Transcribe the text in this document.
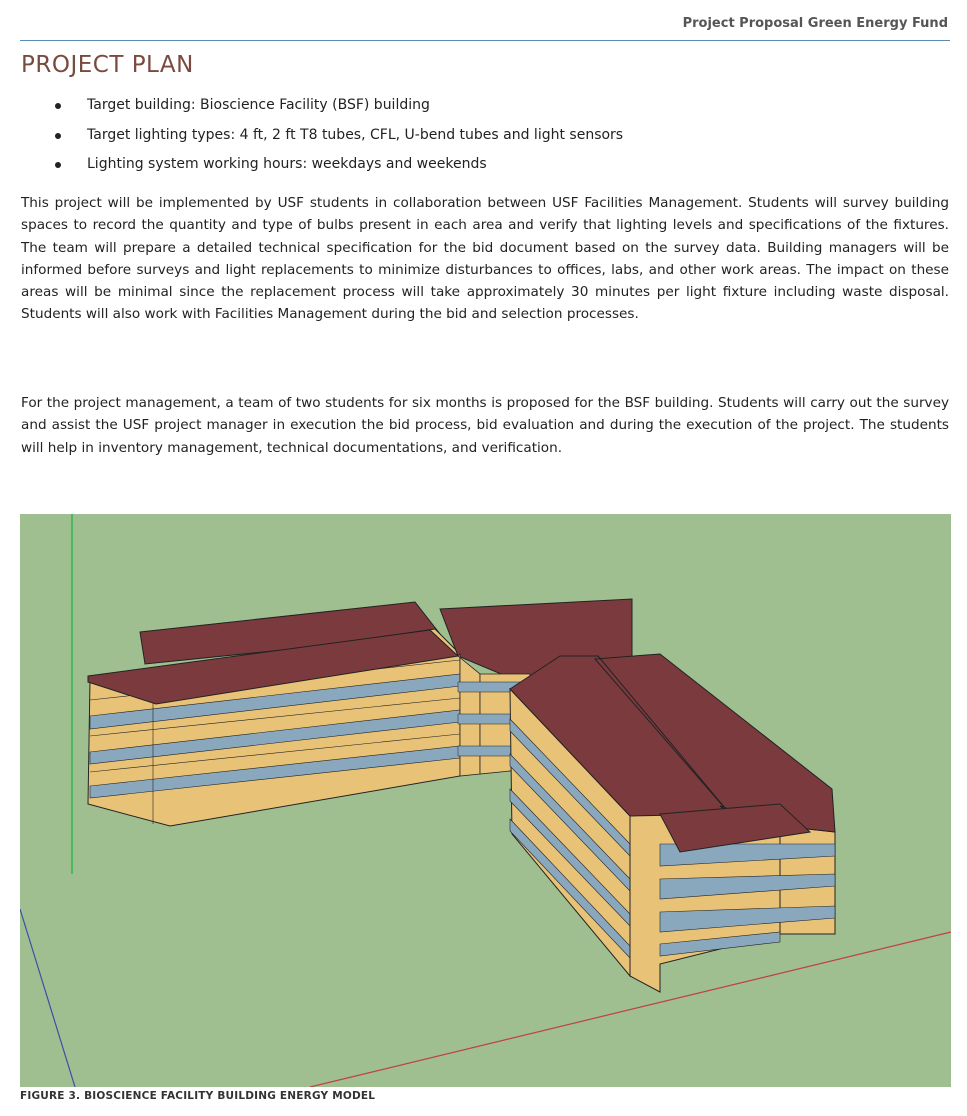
Project Proposal Green Energy Fund
PROJECT PLAN
Target building: Bioscience Facility (BSF) building
Target lighting types: 4 ft, 2 ft T8 tubes, CFL, U-bend tubes and light sensors
Lighting system working hours: weekdays and weekends

This project will be implemented by USF students in collaboration between USF Facilities Management. Students will survey building spaces to record the quantity and type of bulbs present in each area and verify that lighting levels and specifications of the fixtures. The team will prepare a detailed technical specification for the bid document based on the survey data. Building managers will be informed before surveys and light replacements to minimize disturbances to offices, labs, and other work areas. The impact on these areas will be minimal since the replacement process will take approximately 30 minutes per light fixture including waste disposal. Students will also work with Facilities Management during the bid and selection processes.

For the project management, a team of two students for six months is proposed for the BSF building. Students will carry out the survey and assist the USF project manager in execution the bid process, bid evaluation and during the execution of the project. The students will help in inventory management, technical documentations, and verification.

FIGURE 3. BIOSCIENCE FACILITY BUILDING ENERGY MODEL
